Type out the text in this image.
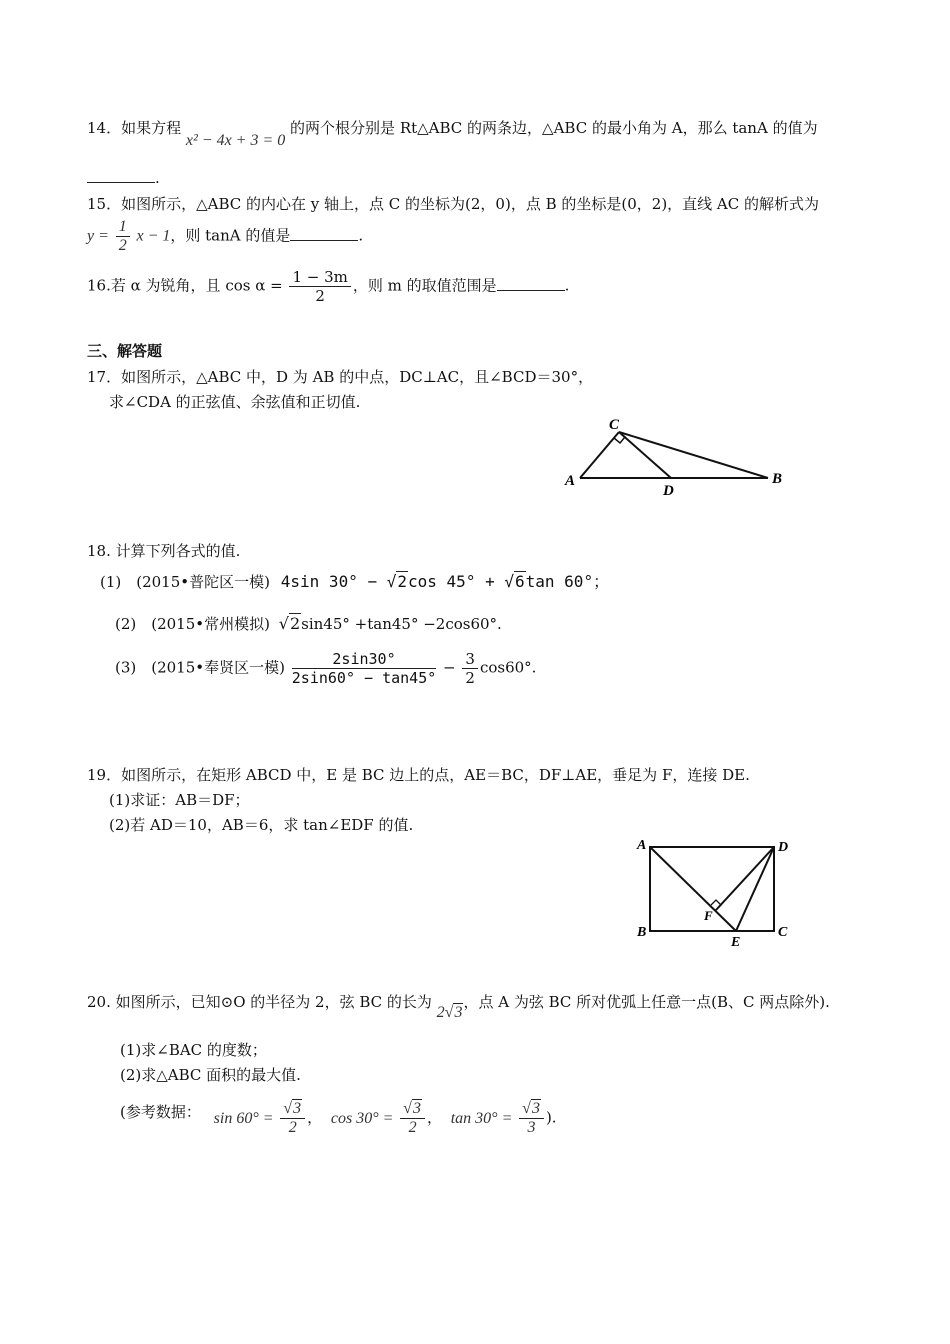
14．如果方程 x² − 4x + 3 = 0 的两个根分别是 Rt△ABC 的两条边，△ABC 的最小角为 A，那么 tanA 的值为
.
15．如图所示，△ABC 的内心在 y 轴上，点 C 的坐标为(2，0)，点 B 的坐标是(0，2)，直线 AC 的解析式为
$y = \frac{1}{2}$ x − 1，则 tanA 的值是	.
16.若 α 为锐角，且 $\cos \alpha = \frac{1 - 3m}{2}$ ，则 m 的取值范围是	.
三、解答题
17．如图所示，△ABC 中，D 为 AB 的中点，DC⊥AC，且∠BCD＝30°，
求∠CDA 的正弦值、余弦值和正切值.
C
A
D
B
18. 计算下列各式的值.
(1)　(2015•普陀区一模) 4sin 30° − √2cos 45° + √6tan 60°；
(2)　(2015•常州模拟) √2sin45° +tan45° −2cos60°.
(3)　(2015•奉贤区一模) $\frac{2\sin 30^\circ}{2\sin 60^\circ - \tan 45^\circ} - \frac{3}{2} \cos 60^\circ$.
19．如图所示，在矩形 ABCD 中，E 是 BC 边上的点，AE＝BC，DF⊥AE，垂足为 F，连接 DE.
(1)求证：AB＝DF；
(2)若 AD＝10，AB＝6，求 tan∠EDF 的值.
A	D
B	C
E
F
20. 如图所示，已知⊙O 的半径为 2，弦 BC 的长为 2√3，点 A 为弦 BC 所对优弧上任意一点(B、C 两点除外).
(1)求∠BAC 的度数；
(2)求△ABC 面积的最大值.
(参考数据： $\sin 60^\circ = \frac{√3}{2}$ ， $\cos 30^\circ = \frac{√3}{2}$ ， $\tan 30^\circ = \frac{√3}{3}$ ).
